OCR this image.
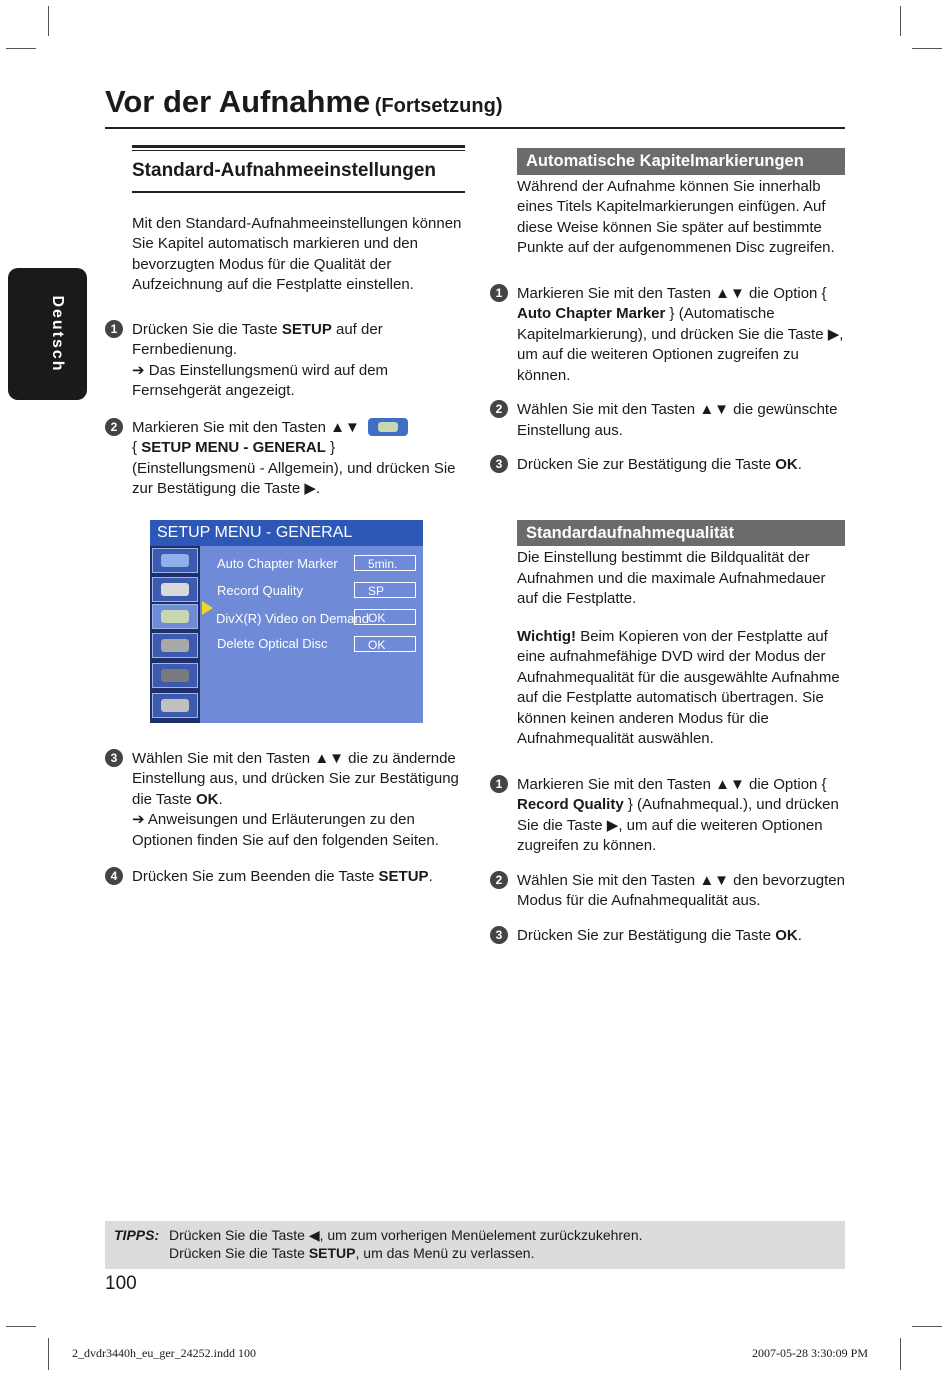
Vor der Aufnahme (Fortsetzung)
Deutsch
Standard-Aufnahmeeinstellungen
Mit den Standard-Aufnahmeeinstellungen können Sie Kapitel automatisch markieren und den bevorzugten Modus für die Qualität der Aufzeichnung auf die Festplatte einstellen.
1 Drücken Sie die Taste SETUP auf der Fernbedienung.
➔ Das Einstellungsmenü wird auf dem Fernsehgerät angezeigt.
2 Markieren Sie mit den Tasten ▲▼

{ SETUP MENU - GENERAL }
(Einstellungsmenü - Allgemein), und drücken Sie zur Bestätigung die Taste ▶.
SETUP MENU - GENERAL
Auto Chapter Marker	5min.
Record Quality	SP
DivX(R) Video on Demand OK
Delete Optical Disc	OK
3 Wählen Sie mit den Tasten ▲▼ die zu ändernde Einstellung aus, und drücken Sie zur Bestätigung die Taste OK.
➔ Anweisungen und Erläuterungen zu den Optionen finden Sie auf den folgenden Seiten.
4 Drücken Sie zum Beenden die Taste SETUP.
Automatische Kapitelmarkierungen
Während der Aufnahme können Sie innerhalb eines Titels Kapitelmarkierungen einfügen. Auf diese Weise können Sie später auf bestimmte Punkte auf der aufgenommenen Disc zugreifen.
1 Markieren Sie mit den Tasten ▲▼ die Option { Auto Chapter Marker } (Automatische Kapitelmarkierung), und drücken Sie die Taste ▶, um auf die weiteren Optionen zugreifen zu können.
2 Wählen Sie mit den Tasten ▲▼ die gewünschte Einstellung aus.
3 Drücken Sie zur Bestätigung die Taste OK.
Standardaufnahmequalität
Die Einstellung bestimmt die Bildqualität der Aufnahmen und die maximale Aufnahmedauer auf die Festplatte.
Wichtig! Beim Kopieren von der Festplatte auf eine aufnahmefähige DVD wird der Modus der Aufnahmequalität für die ausgewählte Aufnahme auf die Festplatte automatisch übertragen. Sie können keinen anderen Modus für die Aufnahmequalität auswählen.
1 Markieren Sie mit den Tasten ▲▼ die Option { Record Quality } (Aufnahmequal.), und drücken Sie die Taste ▶, um auf die weiteren Optionen zugreifen zu können.
2 Wählen Sie mit den Tasten ▲▼ den bevorzugten Modus für die Aufnahmequalität aus.
3 Drücken Sie zur Bestätigung die Taste OK.
TIPPS: Drücken Sie die Taste ◀, um zum vorherigen Menüelement zurückzukehren.
Drücken Sie die Taste SETUP, um das Menü zu verlassen.
100
2_dvdr3440h_eu_ger_24252.indd 100	2007-05-28 3:30:09 PM
